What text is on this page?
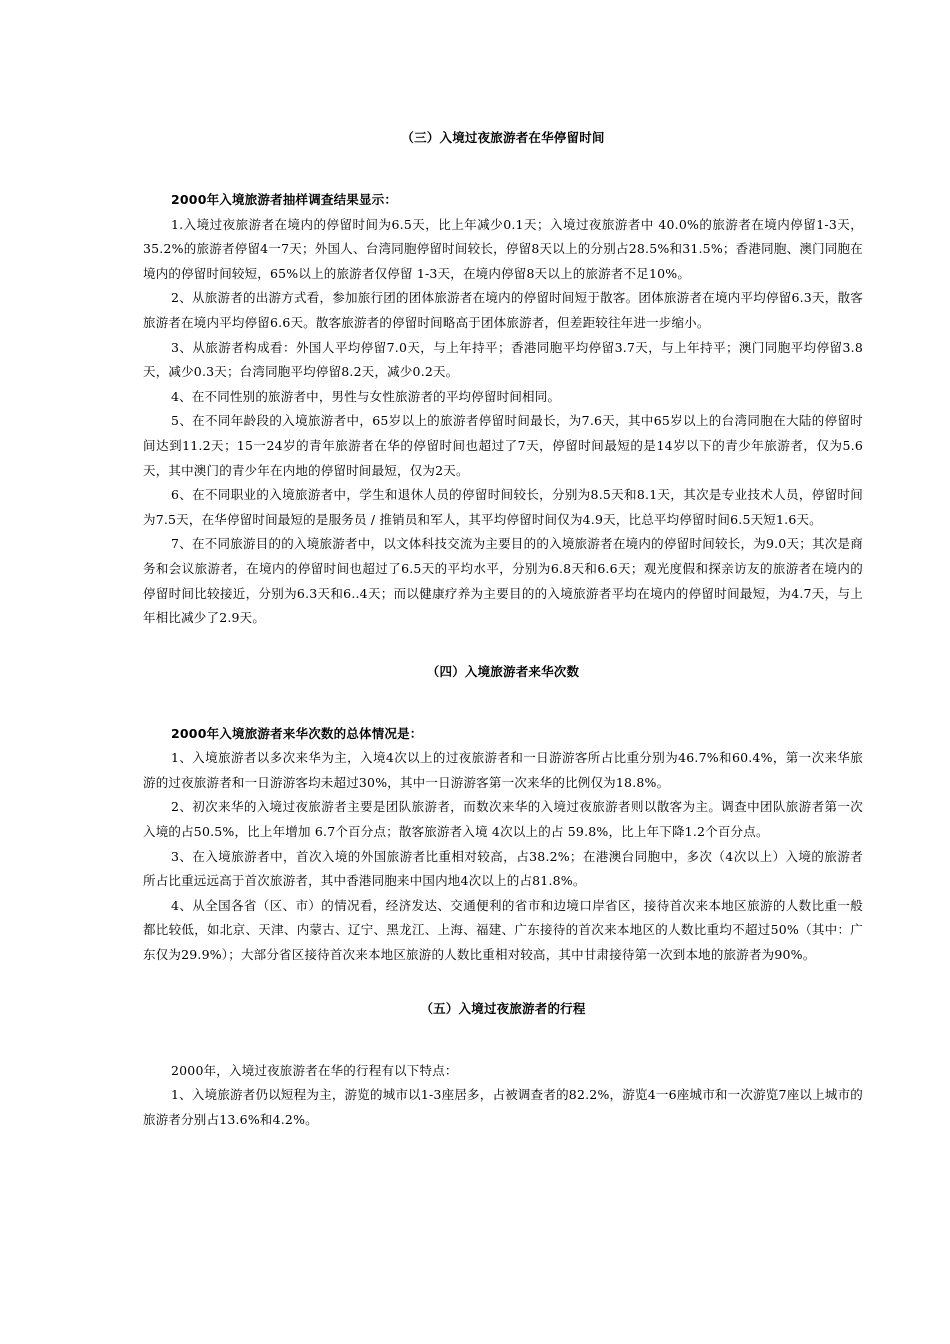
（三）入境过夜旅游者在华停留时间

2000年入境旅游者抽样调查结果显示：

1.入境过夜旅游者在境内的停留时间为6.5天，比上年减少0.1天；入境过夜旅游者中 40.0%的旅游者在境内停留1-3天，35.2%的旅游者停留4一7天；外国人、台湾同胞停留时间较长，停留8天以上的分别占28.5%和31.5%；香港同胞、澳门同胞在境内的停留时间较短，65%以上的旅游者仅停留 1-3天，在境内停留8天以上的旅游者不足10%。

2、从旅游者的出游方式看，参加旅行团的团体旅游者在境内的停留时间短于散客。团体旅游者在境内平均停留6.3天，散客旅游者在境内平均停留6.6天。散客旅游者的停留时间略高于团体旅游者，但差距较往年进一步缩小。

3、从旅游者构成看：外国人平均停留7.0天，与上年持平；香港同胞平均停留3.7天，与上年持平；澳门同胞平均停留3.8天，减少0.3天；台湾同胞平均停留8.2天，减少0.2天。

4、在不同性别的旅游者中，男性与女性旅游者的平均停留时间相同。

5、在不同年龄段的入境旅游者中，65岁以上的旅游者停留时间最长，为7.6天，其中65岁以上的台湾同胞在大陆的停留时间达到11.2天；15一24岁的青年旅游者在华的停留时间也超过了7天，停留时间最短的是14岁以下的青少年旅游者，仅为5.6天，其中澳门的青少年在内地的停留时间最短，仅为2天。

6、在不同职业的入境旅游者中，学生和退休人员的停留时间较长，分别为8.5天和8.1天，其次是专业技术人员，停留时间为7.5天，在华停留时间最短的是服务员 / 推销员和军人，其平均停留时间仅为4.9天，比总平均停留时间6.5天短1.6天。

7、在不同旅游目的的入境旅游者中，以文体科技交流为主要目的的入境旅游者在境内的停留时间较长，为9.0天；其次是商务和会议旅游者，在境内的停留时间也超过了6.5天的平均水平，分别为6.8天和6.6天；观光度假和探亲访友的旅游者在境内的停留时间比较接近，分别为6.3天和6..4天；而以健康疗养为主要目的的入境旅游者平均在境内的停留时间最短，为4.7天，与上年相比减少了2.9天。

（四）入境旅游者来华次数

2000年入境旅游者来华次数的总体情况是：

1、入境旅游者以多次来华为主，入境4次以上的过夜旅游者和一日游游客所占比重分别为46.7%和60.4%，第一次来华旅游的过夜旅游者和一日游游客均未超过30%，其中一日游游客第一次来华的比例仅为18.8%。

2、初次来华的入境过夜旅游者主要是团队旅游者，而数次来华的入境过夜旅游者则以散客为主。调查中团队旅游者第一次入境的占50.5%，比上年增加 6.7个百分点；散客旅游者入境 4次以上的占 59.8%，比上年下降1.2个百分点。

3、在入境旅游者中，首次入境的外国旅游者比重相对较高，占38.2%；在港澳台同胞中，多次（4次以上）入境的旅游者所占比重远远高于首次旅游者，其中香港同胞来中国内地4次以上的占81.8%。

4、从全国各省（区、市）的情况看，经济发达、交通便利的省市和边境口岸省区，接待首次来本地区旅游的人数比重一般都比较低，如北京、天津、内蒙古、辽宁、黑龙江、上海、福建、广东接待的首次来本地区的人数比重均不超过50%（其中：广东仅为29.9%）；大部分省区接待首次来本地区旅游的人数比重相对较高，其中甘肃接待第一次到本地的旅游者为90%。

（五）入境过夜旅游者的行程

2000年，入境过夜旅游者在华的行程有以下特点：

1、入境旅游者仍以短程为主，游览的城市以1-3座居多，占被调查者的82.2%，游览4一6座城市和一次游览7座以上城市的旅游者分别占13.6%和4.2%。
